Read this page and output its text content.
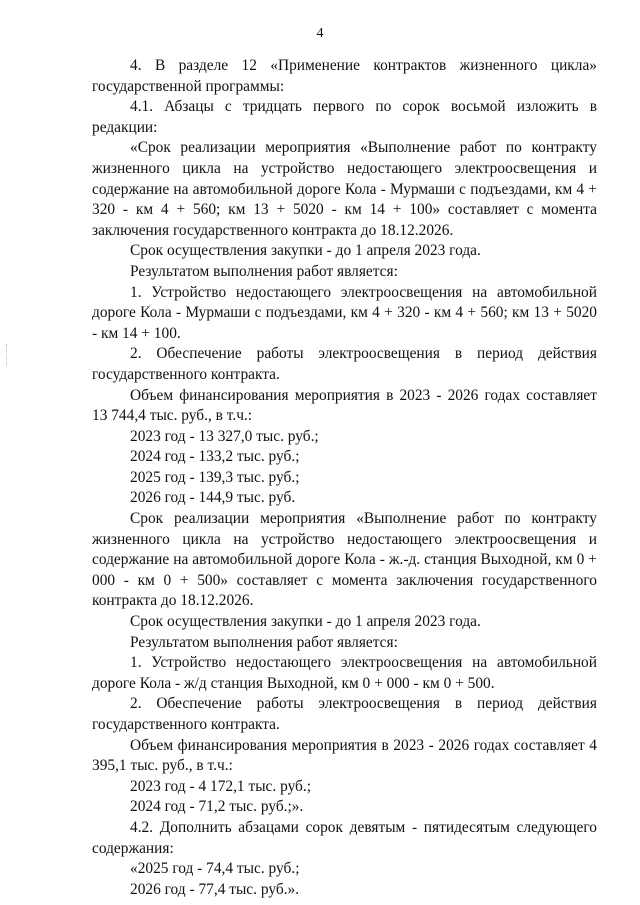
4

4. В разделе 12 «Применение контрактов жизненного цикла» государственной программы:

4.1. Абзацы с тридцать первого по сорок восьмой изложить в редакции:

«Срок реализации мероприятия «Выполнение работ по контракту жизненного цикла на устройство недостающего электроосвещения и содержание на автомобильной дороге Кола - Мурмаши с подъездами, км 4 + 320 - км 4 + 560; км 13 + 5020 - км 14 + 100» составляет с момента заключения государственного контракта до 18.12.2026.

Срок осуществления закупки - до 1 апреля 2023 года.

Результатом выполнения работ является:

1. Устройство недостающего электроосвещения на автомобильной дороге Кола - Мурмаши с подъездами, км 4 + 320 - км 4 + 560; км 13 + 5020 - км 14 + 100.

2. Обеспечение работы электроосвещения в период действия государственного контракта.

Объем финансирования мероприятия в 2023 - 2026 годах составляет 13 744,4 тыс. руб., в т.ч.:

2023 год - 13 327,0 тыс. руб.;

2024 год - 133,2 тыс. руб.;

2025 год - 139,3 тыс. руб.;

2026 год - 144,9 тыс. руб.

Срок реализации мероприятия «Выполнение работ по контракту жизненного цикла на устройство недостающего электроосвещения и содержание на автомобильной дороге Кола - ж.-д. станция Выходной, км 0 + 000 - км 0 + 500» составляет с момента заключения государственного контракта до 18.12.2026.

Срок осуществления закупки - до 1 апреля 2023 года.

Результатом выполнения работ является:

1. Устройство недостающего электроосвещения на автомобильной дороге Кола - ж/д станция Выходной, км 0 + 000 - км 0 + 500.

2. Обеспечение работы электроосвещения в период действия государственного контракта.

Объем финансирования мероприятия в 2023 - 2026 годах составляет 4 395,1 тыс. руб., в т.ч.:

2023 год - 4 172,1 тыс. руб.;

2024 год - 71,2 тыс. руб.;».

4.2. Дополнить абзацами сорок девятым - пятидесятым следующего содержания:

«2025 год - 74,4 тыс. руб.;

2026 год - 77,4 тыс. руб.».
